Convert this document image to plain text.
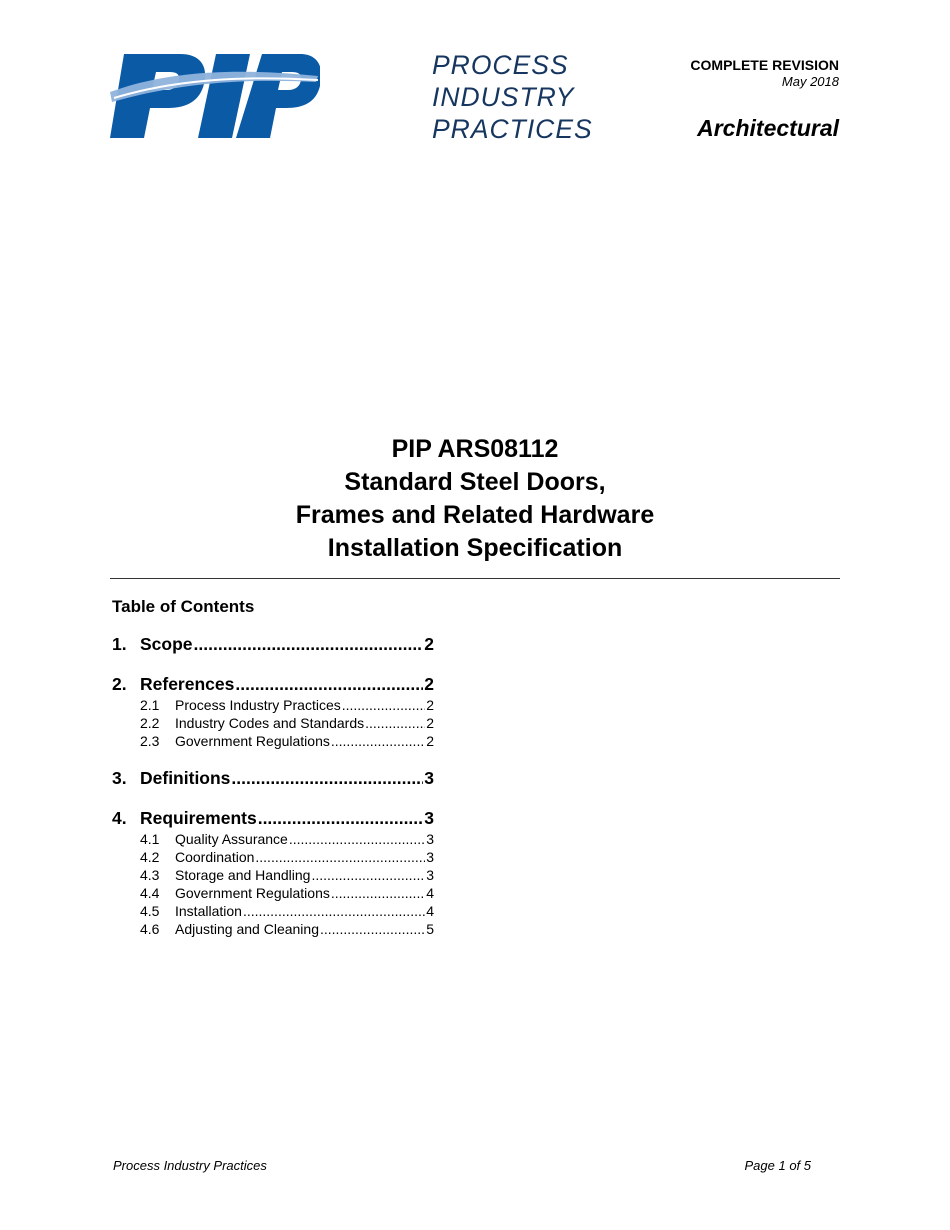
PROCESS
INDUSTRY
PRACTICES
COMPLETE REVISION
May 2018
Architectural
PIP ARS08112
Standard Steel Doors,
Frames and Related Hardware
Installation Specification
Table of Contents
1. Scope .....	2
2. References .....	2
2.1	Process Industry Practices .....	2
2.2	Industry Codes and Standards .....	2
2.3	Government Regulations .....	2
3. Definitions .....	3
4. Requirements .....	3
4.1	Quality Assurance .....	3
4.2	Coordination .....	3
4.3	Storage and Handling .....	3
4.4	Government Regulations .....	4
4.5	Installation .....	4
4.6	Adjusting and Cleaning .....	5
Process Industry Practices	Page 1 of 5
